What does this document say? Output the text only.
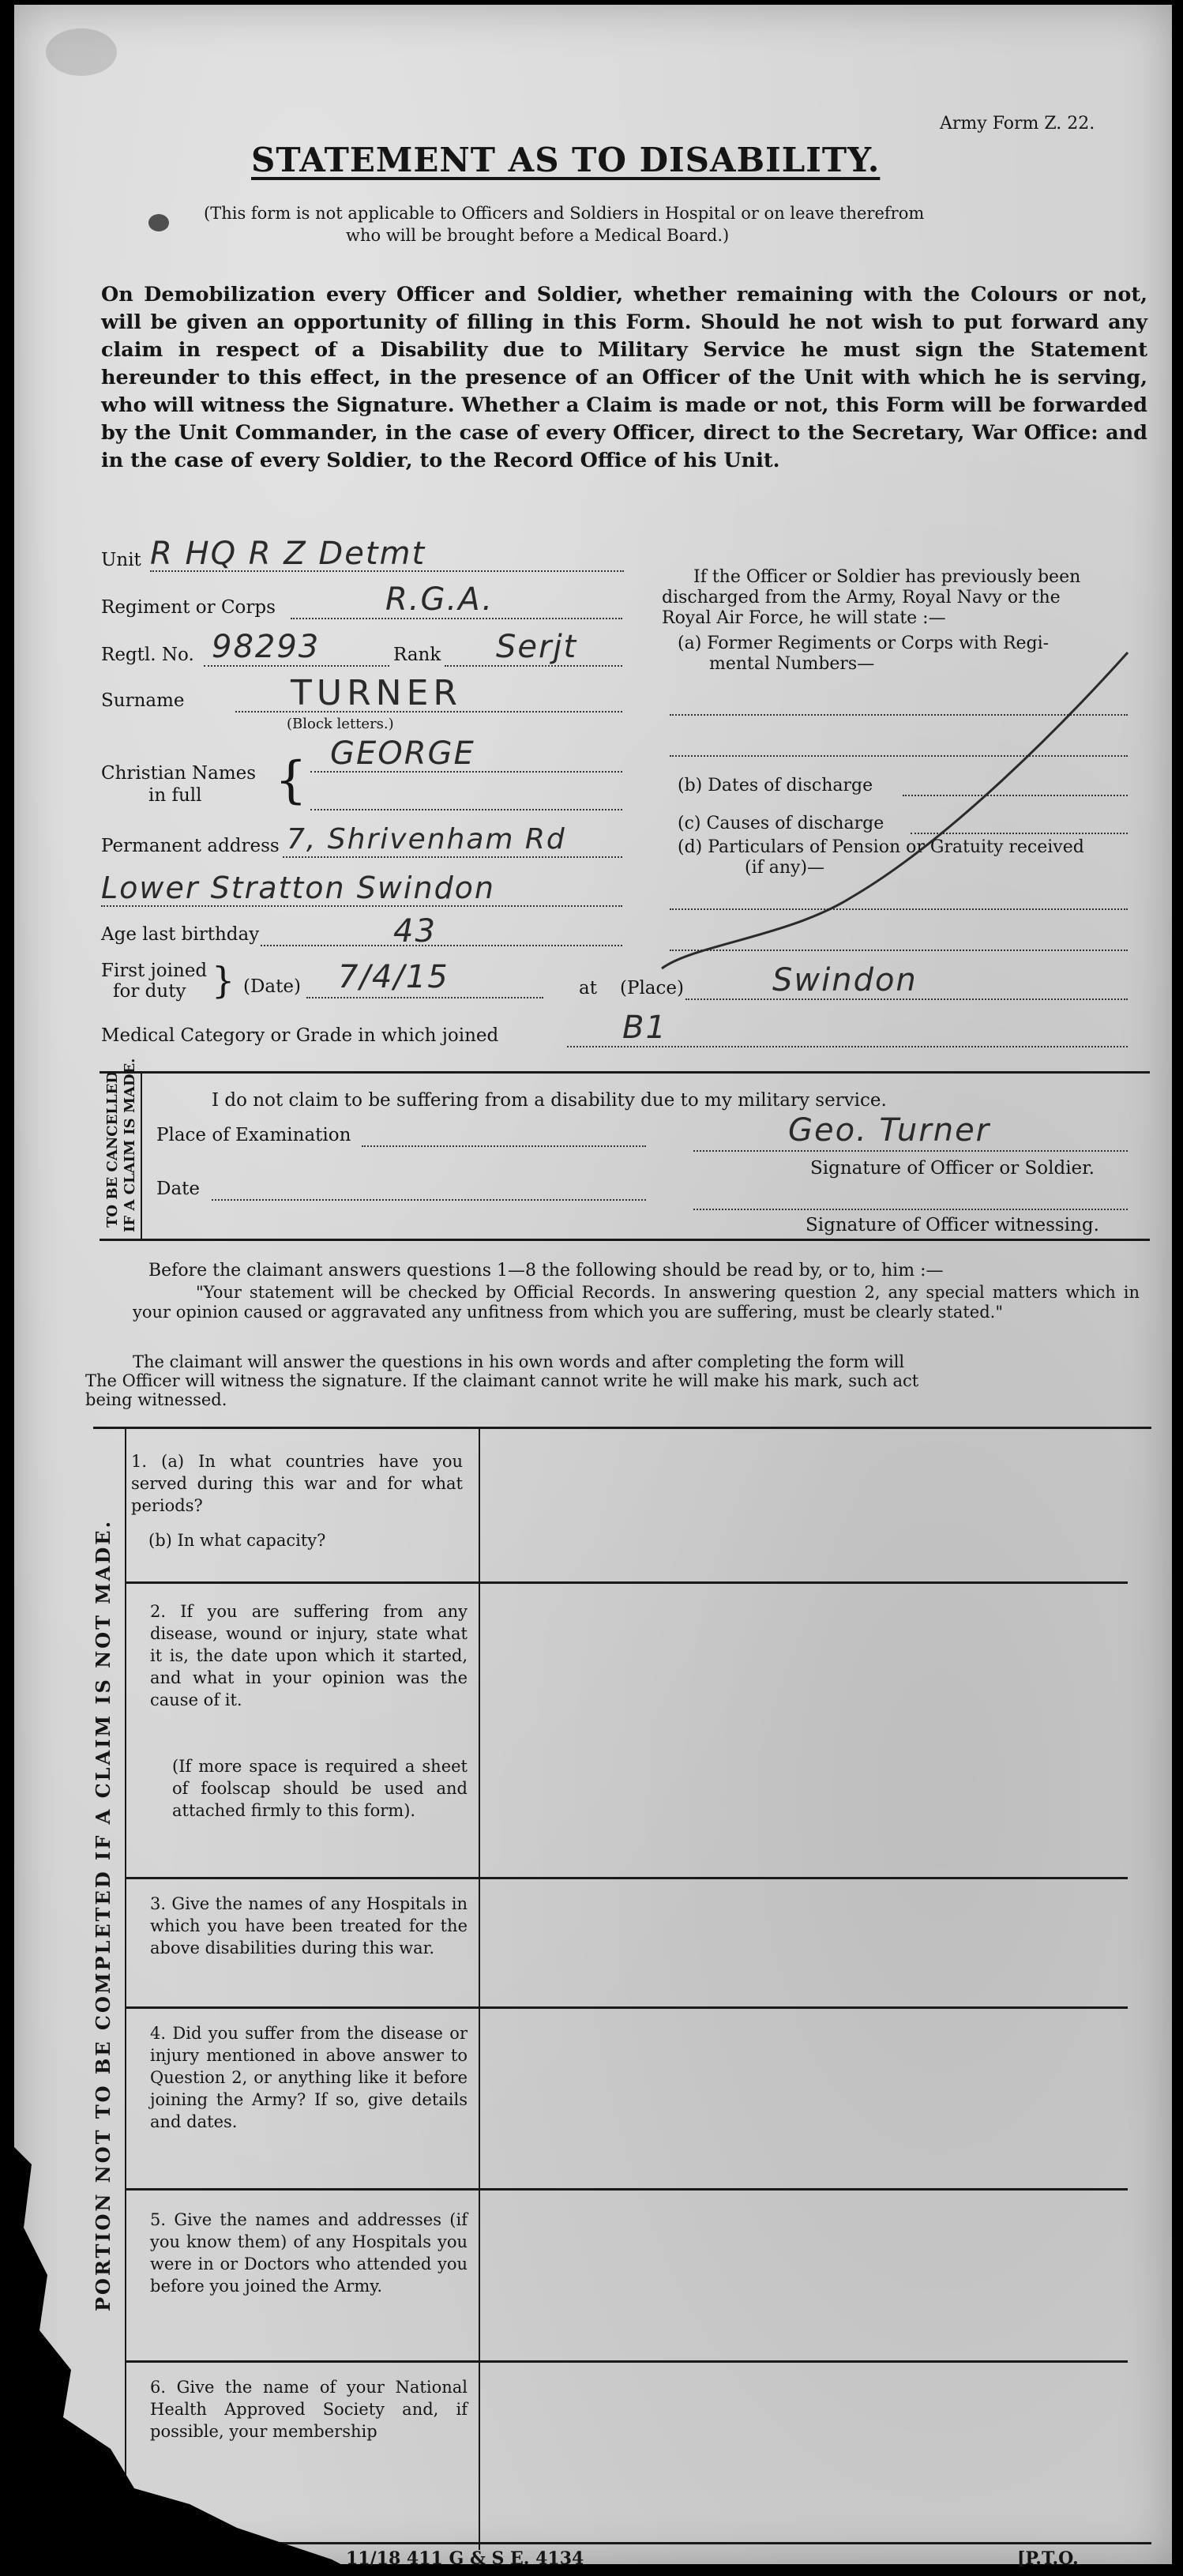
Army Form Z. 22.
STATEMENT AS TO DISABILITY.
(This form is not applicable to Officers and Soldiers in Hospital or on leave therefrom
who will be brought before a Medical Board.)
On Demobilization every Officer and Soldier, whether remaining with the Colours or not, will be given an opportunity of filling in this Form. Should he not wish to put forward any claim in respect of a Disability due to Military Service he must sign the Statement hereunder to this effect, in the presence of an Officer of the Unit with which he is serving, who will witness the Signature. Whether a Claim is made or not, this Form will be forwarded by the Unit Commander, in the case of every Officer, direct to the Secretary, War Office: and in the case of every Soldier, to the Record Office of his Unit.
Unit R HQ R Z Detmt
Regiment or Corps	R.G.A.
Regtl. No. 98293	Rank Serjt
Surname	TURNER
(Block letters.)
Christian Names
in full { GEORGE
Permanent address 7, Shrivenham Rd
Lower Stratton Swindon
Age last birthday	43
First joined
for duty } (Date) 7/4/15	at (Place)	Swindon
Medical Category or Grade in which joined	B1
If the Officer or Soldier has previously been
discharged from the Army, Royal Navy or the
Royal Air Force, he will state :—
(a) Former Regiments or Corps with Regi-
mental Numbers—
(b) Dates of discharge
(c) Causes of discharge
(d) Particulars of Pension or Gratuity received
(if any)—
TO BE CANCELLED IF A CLAIM IS MADE.	I do not claim to be suffering from a disability due to my military service.
Place of Examination	Geo. Turner
Signature of Officer or Soldier.
Date
Signature of Officer witnessing.
Before the claimant answers questions 1—8 the following should be read by, or to, him :—
"Your statement will be checked by Official Records. In answering question 2, any special matters which in your opinion caused or aggravated any unfitness from which you are suffering, must be clearly stated."
The claimant will answer the questions in his own words and after completing the form will
The Officer will witness the signature. If the claimant cannot write he will make his mark, such act
being witnessed.
PORTION NOT TO BE COMPLETED IF A CLAIM IS NOT MADE.
1. (a) In what countries have you served during this war and for what periods?
(b) In what capacity?
2. If you are suffering from any disease, wound or injury, state what it is, the date upon which it started, and what in your opinion was the cause of it.
(If more space is required a sheet of foolscap should be used and attached firmly to this form).
3. Give the names of any Hospitals in which you have been treated for the above disabilities during this war.
4. Did you suffer from the disease or injury mentioned in above answer to Question 2, or anything like it before joining the Army? If so, give details and dates.
5. Give the names and addresses (if you know them) of any Hospitals you were in or Doctors who attended you before you joined the Army.
6. Give the name of your National Health Approved Society and, if possible, your membership
11/18 411 G & S E. 4134	[P.T.O.
